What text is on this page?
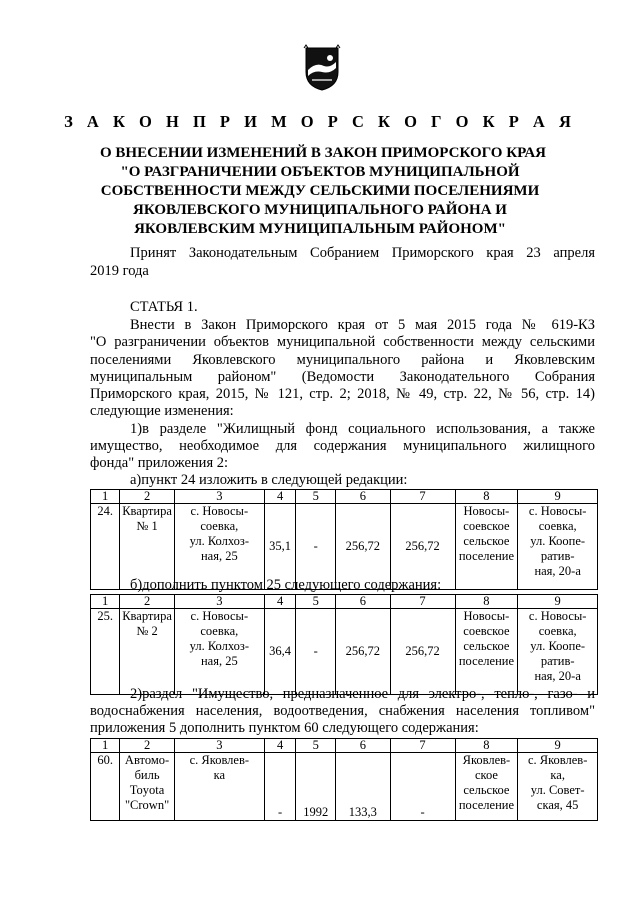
З А К О Н П Р И М О Р С К О Г О К Р А Я
О ВНЕСЕНИИ ИЗМЕНЕНИЙ В ЗАКОН ПРИМОРСКОГО КРАЯ
"О РАЗГРАНИЧЕНИИ ОБЪЕКТОВ МУНИЦИПАЛЬНОЙ
СОБСТВЕННОСТИ МЕЖДУ СЕЛЬСКИМИ ПОСЕЛЕНИЯМИ
ЯКОВЛЕВСКОГО МУНИЦИПАЛЬНОГО РАЙОНА И
ЯКОВЛЕВСКИМ МУНИЦИПАЛЬНЫМ РАЙОНОМ"
Принят Законодательным Собранием Приморского края 23 апреля
2019 года
СТАТЬЯ 1.
Внести в Закон Приморского края от 5 мая 2015 года № 619-КЗ
"О разграничении объектов муниципальной собственности между сельскими
поселениями Яковлевского муниципального района и Яковлевским
муниципальным районом" (Ведомости Законодательного Собрания
Приморского края, 2015, № 121, стр. 2; 2018, № 49, стр. 22, № 56, стр. 14)
следующие изменения:
1)в разделе "Жилищный фонд социального использования, а также
имущество, необходимое для содержания муниципального жилищного
фонда" приложения 2:
а)пункт 24 изложить в следующей редакции:
1	2	3	4	5	6	7	8	9
24.	Квартира
№ 1	с. Новосы-
соевка,
ул. Колхоз-
ная, 25	35,1	-	256,72	256,72	Новосы-
соевское
сельское
поселение	с. Новосы-
соевка,
ул. Коопе-
ратив-
ная, 20-а
б)дополнить пунктом 25 следующего содержания:
1	2	3	4	5	6	7	8	9
25.	Квартира
№ 2	с. Новосы-
соевка,
ул. Колхоз-
ная, 25	36,4	-	256,72	256,72	Новосы-
соевское
сельское
поселение	с. Новосы-
соевка,
ул. Коопе-
ратив-
ная, 20-а
2)раздел "Имущество, предназначенное для электро-, тепло-, газо- и
водоснабжения населения, водоотведения, снабжения населения топливом"
приложения 5 дополнить пунктом 60 следующего содержания:
1	2	3	4	5	6	7	8	9
60.	Автомо-
биль
Toyota
"Crown"	с. Яковлев-
ка	-	1992	133,3	-	Яковлев-
ское
сельское
поселение	с. Яковлев-
ка,
ул. Совет-
ская, 45
